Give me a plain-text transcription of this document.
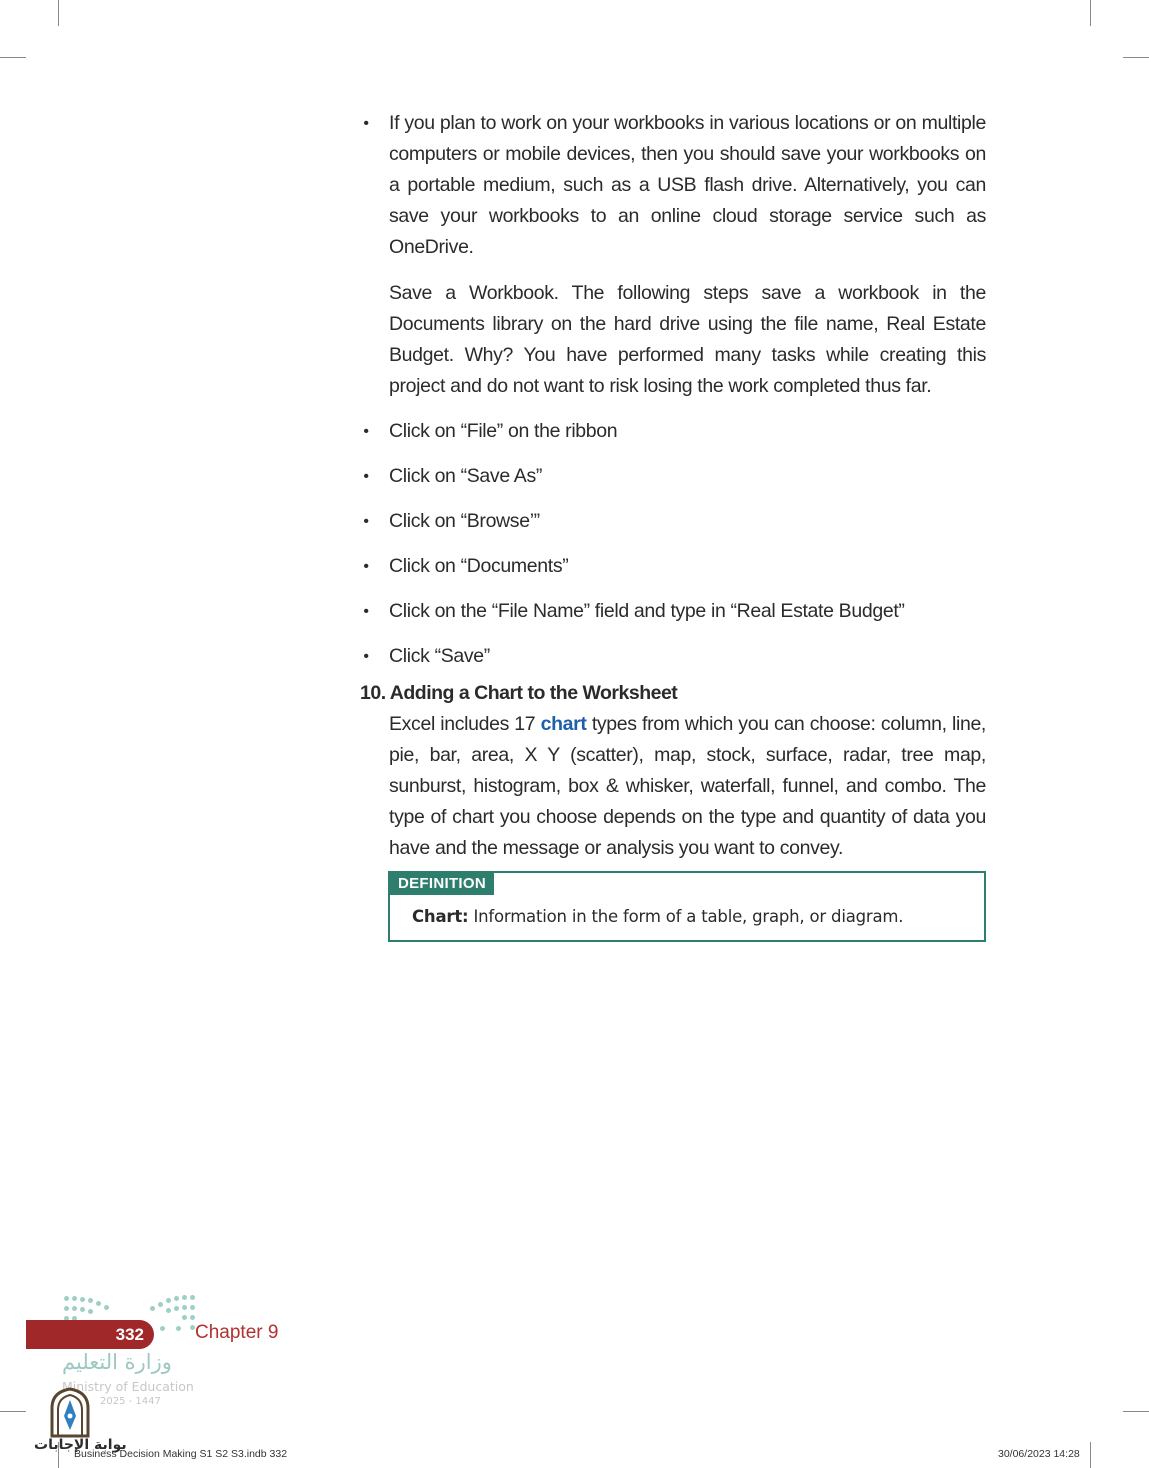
• If you plan to work on your workbooks in various locations or on multiple computers or mobile devices, then you should save your workbooks on a portable medium, such as a USB flash drive. Alternatively, you can save your workbooks to an online cloud storage service such as OneDrive.

Save a Workbook. The following steps save a workbook in the Documents library on the hard drive using the file name, Real Estate Budget. Why? You have performed many tasks while creating this project and do not want to risk losing the work completed thus far.

• Click on “File” on the ribbon
• Click on “Save As”
• Click on “Browse’”
• Click on “Documents”
• Click on the “File Name” field and type in “Real Estate Budget”
• Click “Save”

10. Adding a Chart to the Worksheet

Excel includes 17 chart types from which you can choose: column, line, pie, bar, area, X Y (scatter), map, stock, surface, radar, tree map, sunburst, histogram, box & whisker, waterfall, funnel, and combo. The type of chart you choose depends on the type and quantity of data you have and the message or analysis you want to convey.

DEFINITION
Chart: Information in the form of a table, graph, or diagram.
332	Chapter 9
وزارة التعليم
Ministry of Education
2025 - 1447
بوابة الإجابات
Business Decision Making S1 S2 S3.indb 332	30/06/2023 14:28
